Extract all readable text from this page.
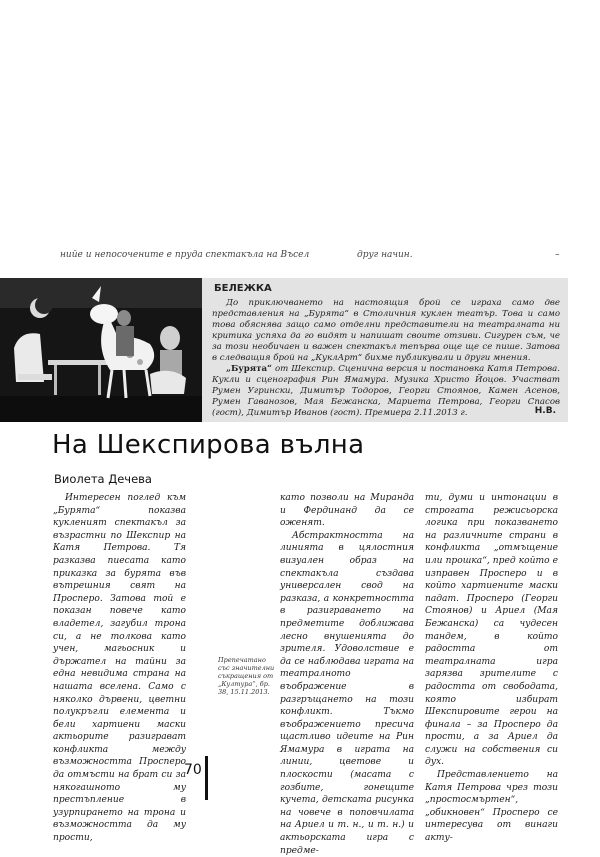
нийе и непосочените е пруда спектакъла на Bъсел	друг начин.	–
БЕЛЕЖКА

До приключването на настоящия брой се играха само две представления на „Бурята“ в Столичния куклен театър. Това и само това обяснява защо само отделни представители на театралната ни критика успяха да го видят и напишат своите отзиви. Сигурен съм, че за този необичаен и важен спектакъл тепърва още ще се пише. Затова в следващия брой на „КуклАрт“ бихме публикували и други мнения.

„Бурята“ от Шекспир. Сценична версия и постановка Катя Петрова. Кукли и сценография Рин Ямамура. Музика Христо Йоцов. Участват Румен Угрински, Димитър Тодоров, Георги Стоянов, Камен Асенов, Румен Гаванозов, Мая Бежанска, Мариета Петрова, Георги Спасов (гост), Димитър Иванов (гост). Премиера 2.11.2013 г.	Н.В.
На Шекспирова вълна
Виолета Дечева

Интересен поглед към „Бурята“ показва кукленият спектакъл за възрастни по Шекспир на Катя Петрова. Тя разказва пиесата като приказка за бурята във вътрешния свят на Просперо. Затова той е показан повече като владетел, загубил трона си, а не толкова като учен, магьосник и държател на тайни за една невидима страна на нашата вселена. Само с няколко дървени, цветни полукръгли елемента и бели хартиени маски актьорите разиграват конфликта между възможността Просперо да отмъсти на брат си за някогашното му престъпление в узурпирането на трона и възможността да му прости,

като позволи на Миранда и Фердинанд да се оженят.

Абстрактността на линията в цялостния визуален образ на спектакъла създава универсален свод на разказа, а конкретността в разиграването на предметите доближава лесно внушенията до зрителя. Удоволствие е да се наблюдава играта на театралното въображение в разгръщането на този конфликт. Тъкмо въображението пресича щастливо идеите на Рин Ямамура в играта на линии, цветове и плоскости (масата с гозбите, гонещите кучета, детската рисунка на човече в поповчилата на Ариел и т. н., и т. н.) и актьорската игра с предме-

ти, думи и интонации в строгата режисьорска логика при показването на различните страни в конфликта „отмъщение или прошка“, пред който е изправен Просперо и в който хартиените маски падат. Просперо (Георги Стоянов) и Ариел (Мая Бежанска) са чудесен тандем, в който радостта от театралната игра зарязва зрителите с радостта от свободата, която избират Шекспировите герои на финала – за Просперо да прости, а за Ариел да служи на собствения си дух.

Представлението на Катя Петрова чрез този „простосмъртен“, „обикновен“ Просперо се интересува от винаги акту-

Препечатано със значителни съкращения от „Култура“, бр. 38, 15.11.2013.
70
